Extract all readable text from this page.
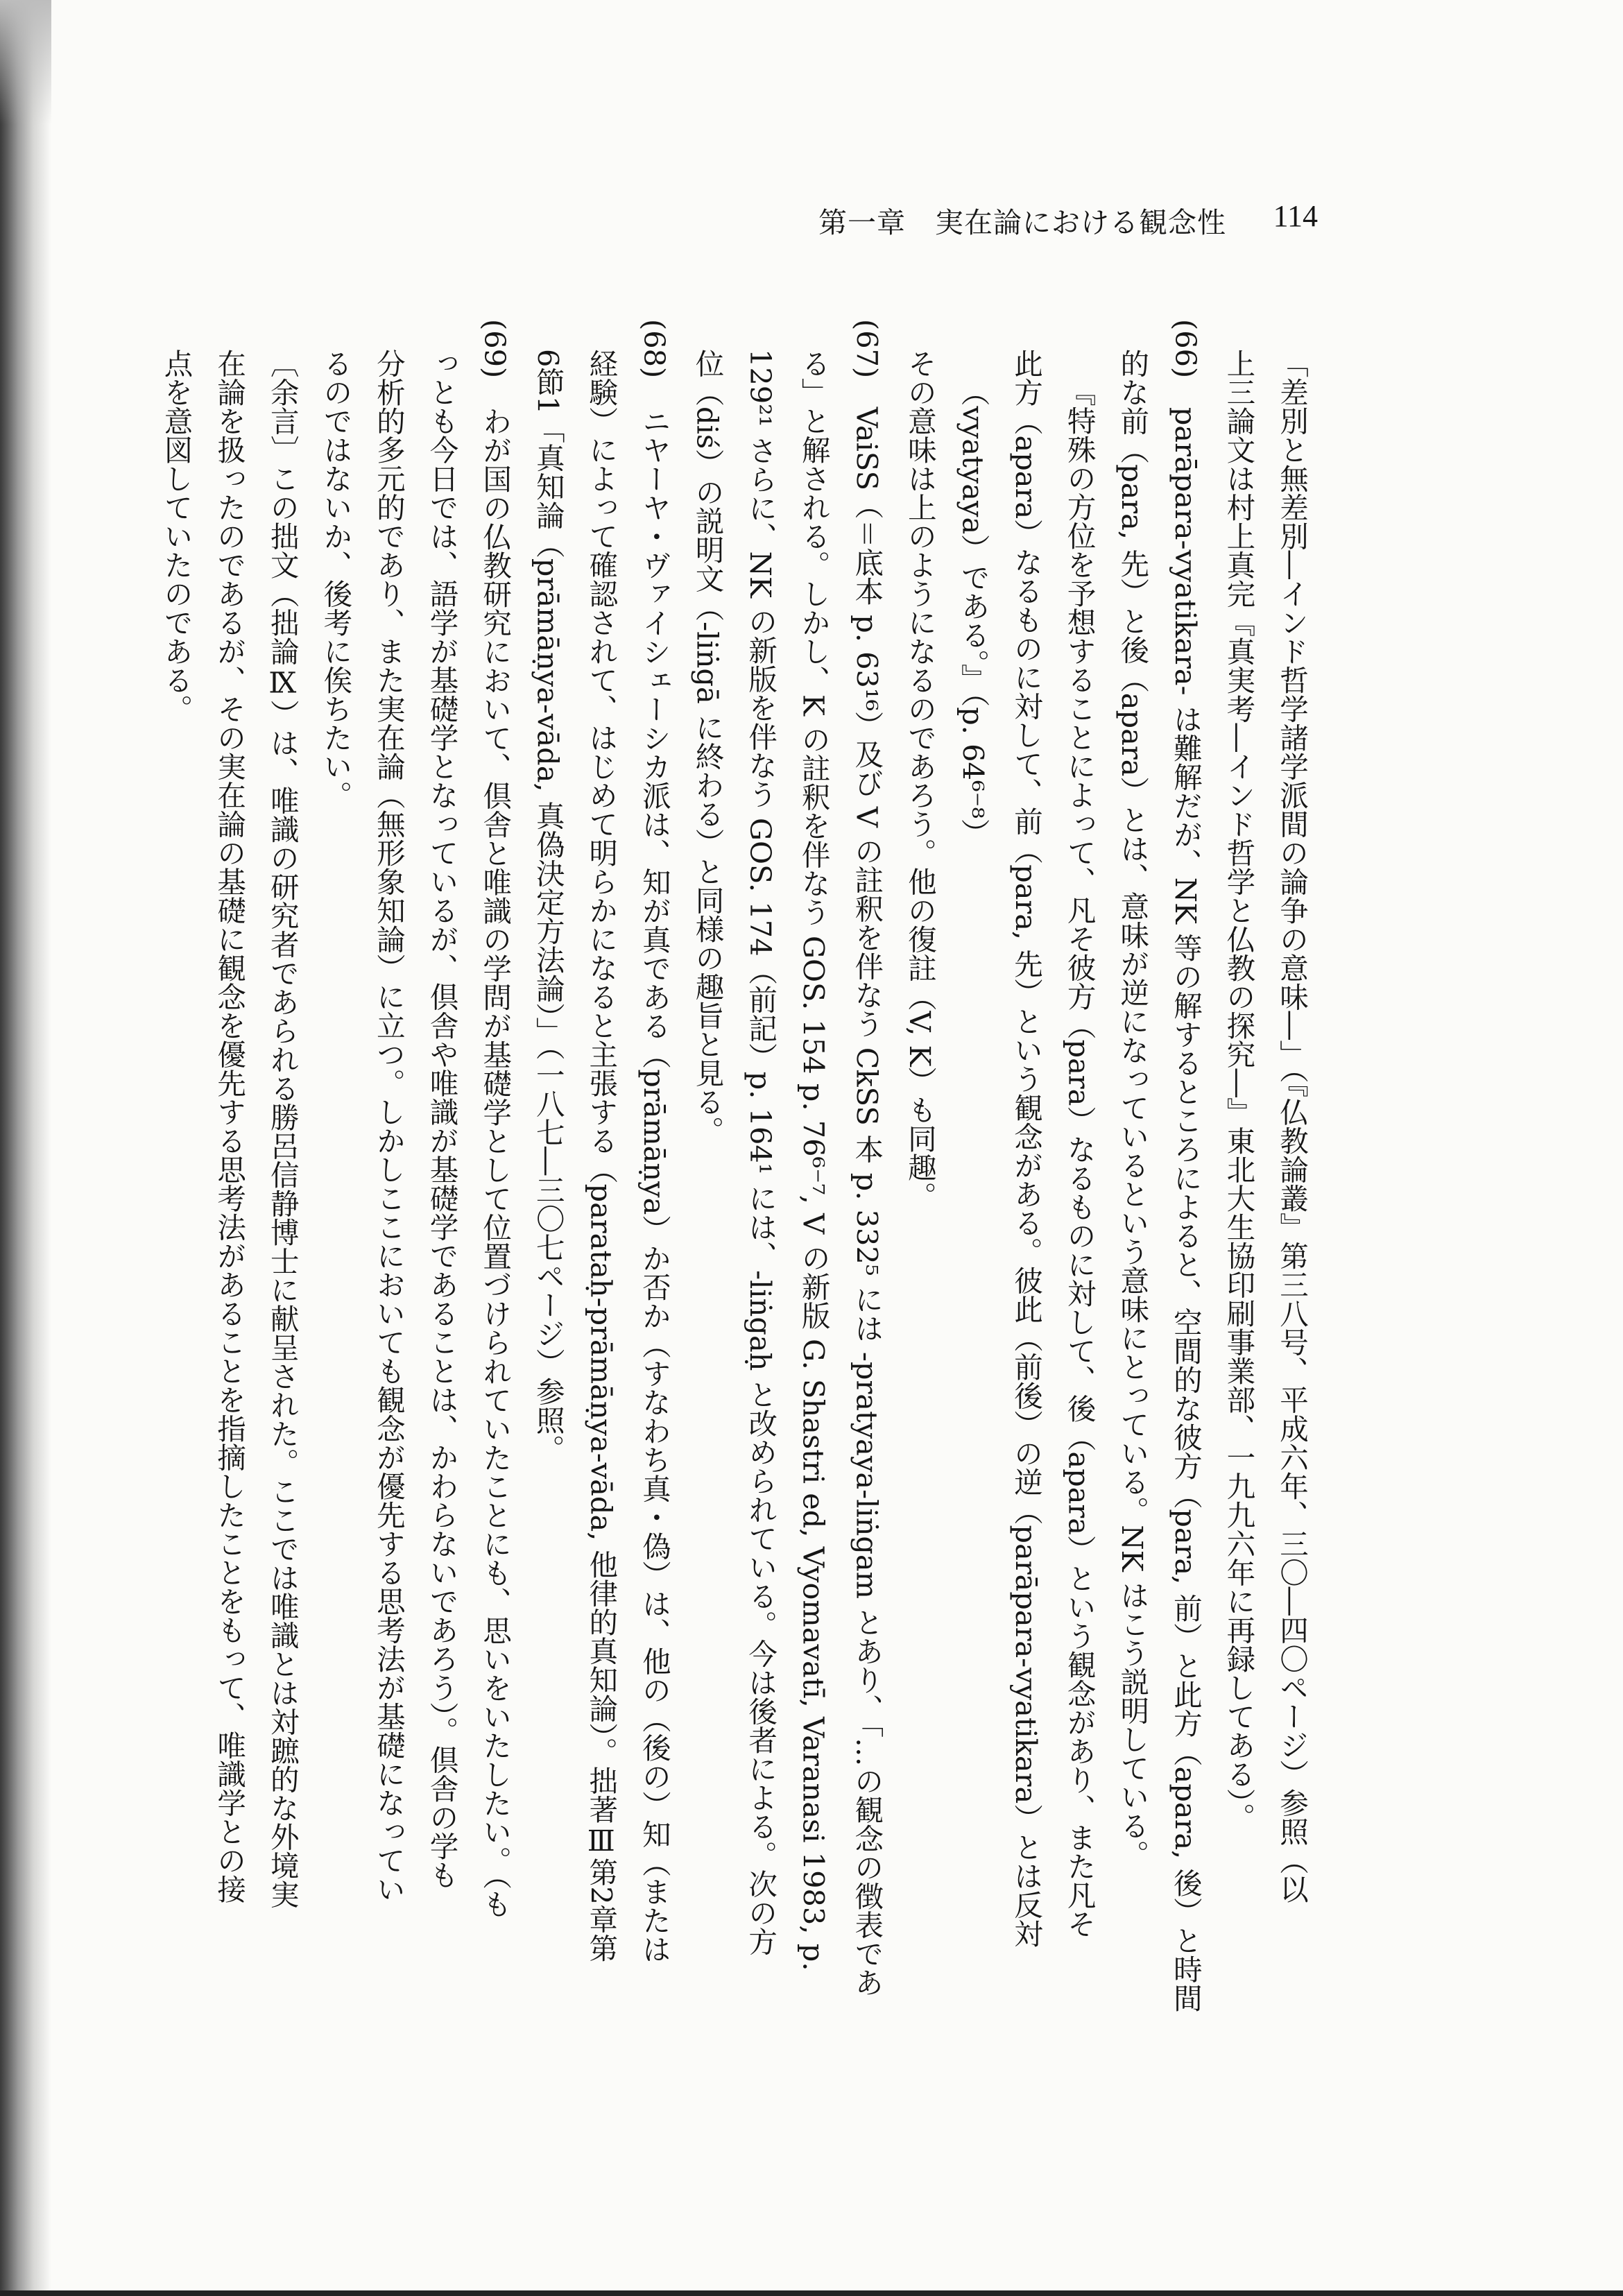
第一章　実在論における観念性 114
「差別と無差別―インド哲学諸学派間の論争の意味―」（『仏教論叢』第三八号、平成六年、三〇―四〇ページ）参照（以
上三論文は村上真完『真実考―インド哲学と仏教の探究―』東北大生協印刷事業部、一九九六年に再録してある）。
(66)　parāpara-vyatikara- は難解だが、NK 等の解するところによると、空間的な彼方（para, 前）と此方（apara, 後）と時間
的な前（para, 先）と後（apara）とは、意味が逆になっているという意味にとっている。NK はこう説明している。
『特殊の方位を予想することによって、凡そ彼方（para）なるものに対して、後（apara）という観念があり、また凡そ
此方（apara）なるものに対して、前（para, 先）という観念がある。彼此（前後）の逆（parāpara-vyatikara）とは反対
（vyatyaya）である。』（p. 64⁶⁻⁸）
その意味は上のようになるのであろう。他の復註（V, K）も同趣。
(67)　VaiSS（＝底本 p. 63¹⁶）及び V の註釈を伴なう CkSS 本 p. 332⁵ には -pratyaya-liṅgam とあり、「…の観念の徴表であ
る」と解される。しかし、K の註釈を伴なう GOS. 154 p. 76⁶⁻⁷, V の新版 G. Shastri ed, Vyomavatī, Varanasi 1983, p.
129²¹ さらに、NK の新版を伴なう GOS. 174（前記）p. 164¹ には、-liṅgaḥ と改められている。今は後者による。次の方
位（diś）の説明文（-liṅgā に終わる）と同様の趣旨と見る。
(68)　ニヤーヤ・ヴァイシェーシカ派は、知が真である（prāmāṇya）か否か（すなわち真・偽）は、他の（後の）知（または
経験）によって確認されて、はじめて明らかになると主張する（parataḥ-prāmāṇya-vāda, 他律的真知論）。拙著Ⅲ第2章第
6節1「真知論（prāmāṇya-vāda, 真偽決定方法論）」（一八七―三〇七ページ）参照。
(69)　わが国の仏教研究において、倶舎と唯識の学問が基礎学として位置づけられていたことにも、思いをいたしたい。（も
っとも今日では、語学が基礎学となっているが、倶舎や唯識が基礎学であることは、かわらないであろう）。倶舎の学も
分析的多元的であり、また実在論（無形象知論）に立つ。しかしここにおいても観念が優先する思考法が基礎になってい
るのではないか、後考に俟ちたい。
〔余言〕この拙文（拙論Ⅸ）は、唯識の研究者であられる勝呂信静博士に献呈された。ここでは唯識とは対蹠的な外境実
在論を扱ったのであるが、その実在論の基礎に観念を優先する思考法があることを指摘したことをもって、唯識学との接
点を意図していたのである。
